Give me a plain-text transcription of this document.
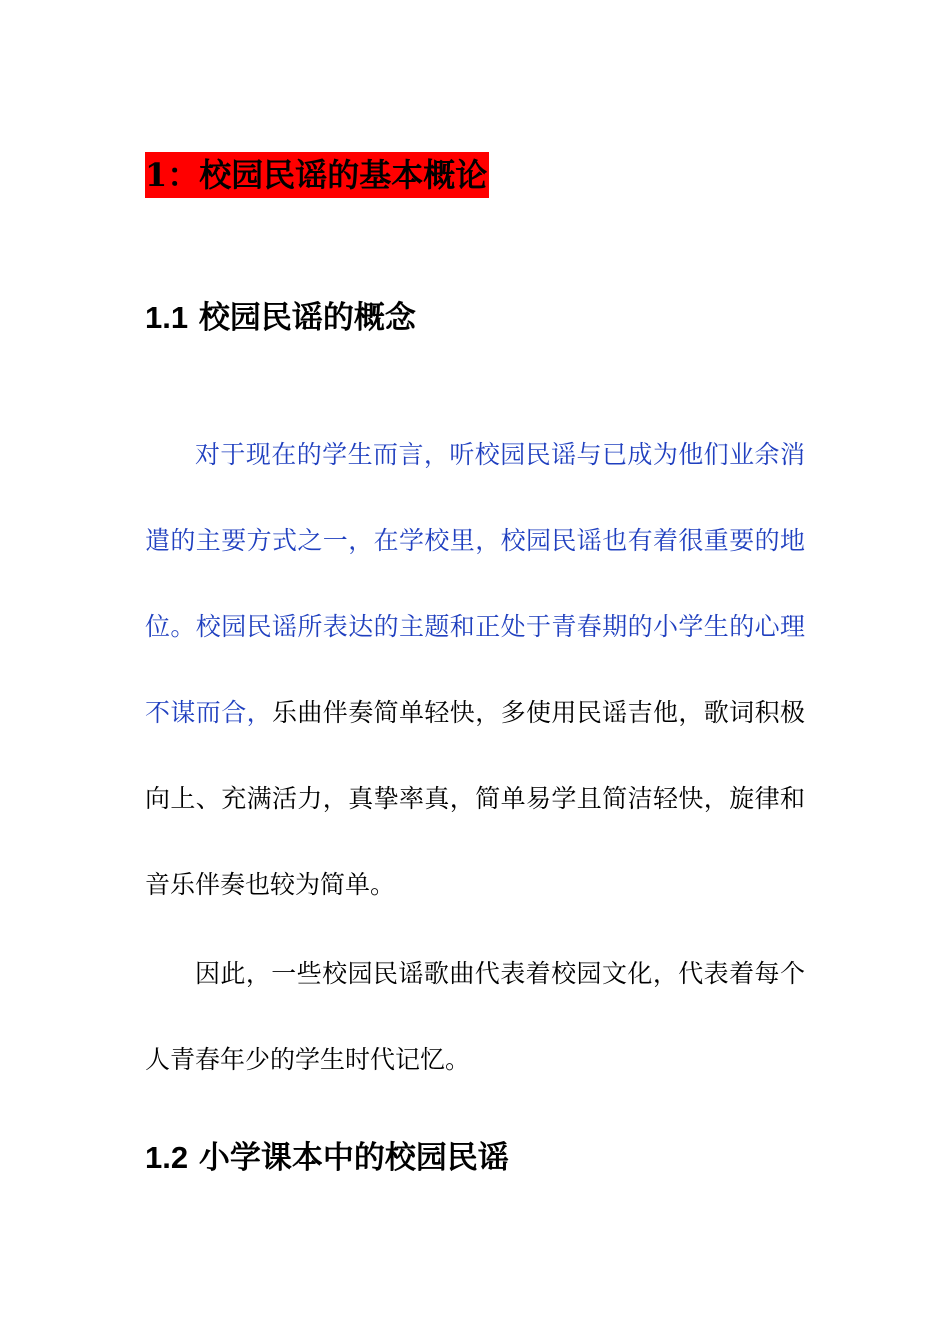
1：校园民谣的基本概论
1.1 校园民谣的概念

对于现在的学生而言，听校园民谣与已成为他们业余消遣的主要方式之一，在学校里，校园民谣也有着很重要的地位。校园民谣所表达的主题和正处于青春期的小学生的心理不谋而合，乐曲伴奏简单轻快，多使用民谣吉他，歌词积极向上、充满活力，真挚率真，简单易学且简洁轻快，旋律和音乐伴奏也较为简单。

因此，一些校园民谣歌曲代表着校园文化，代表着每个人青春年少的学生时代记忆。

1.2 小学课本中的校园民谣
